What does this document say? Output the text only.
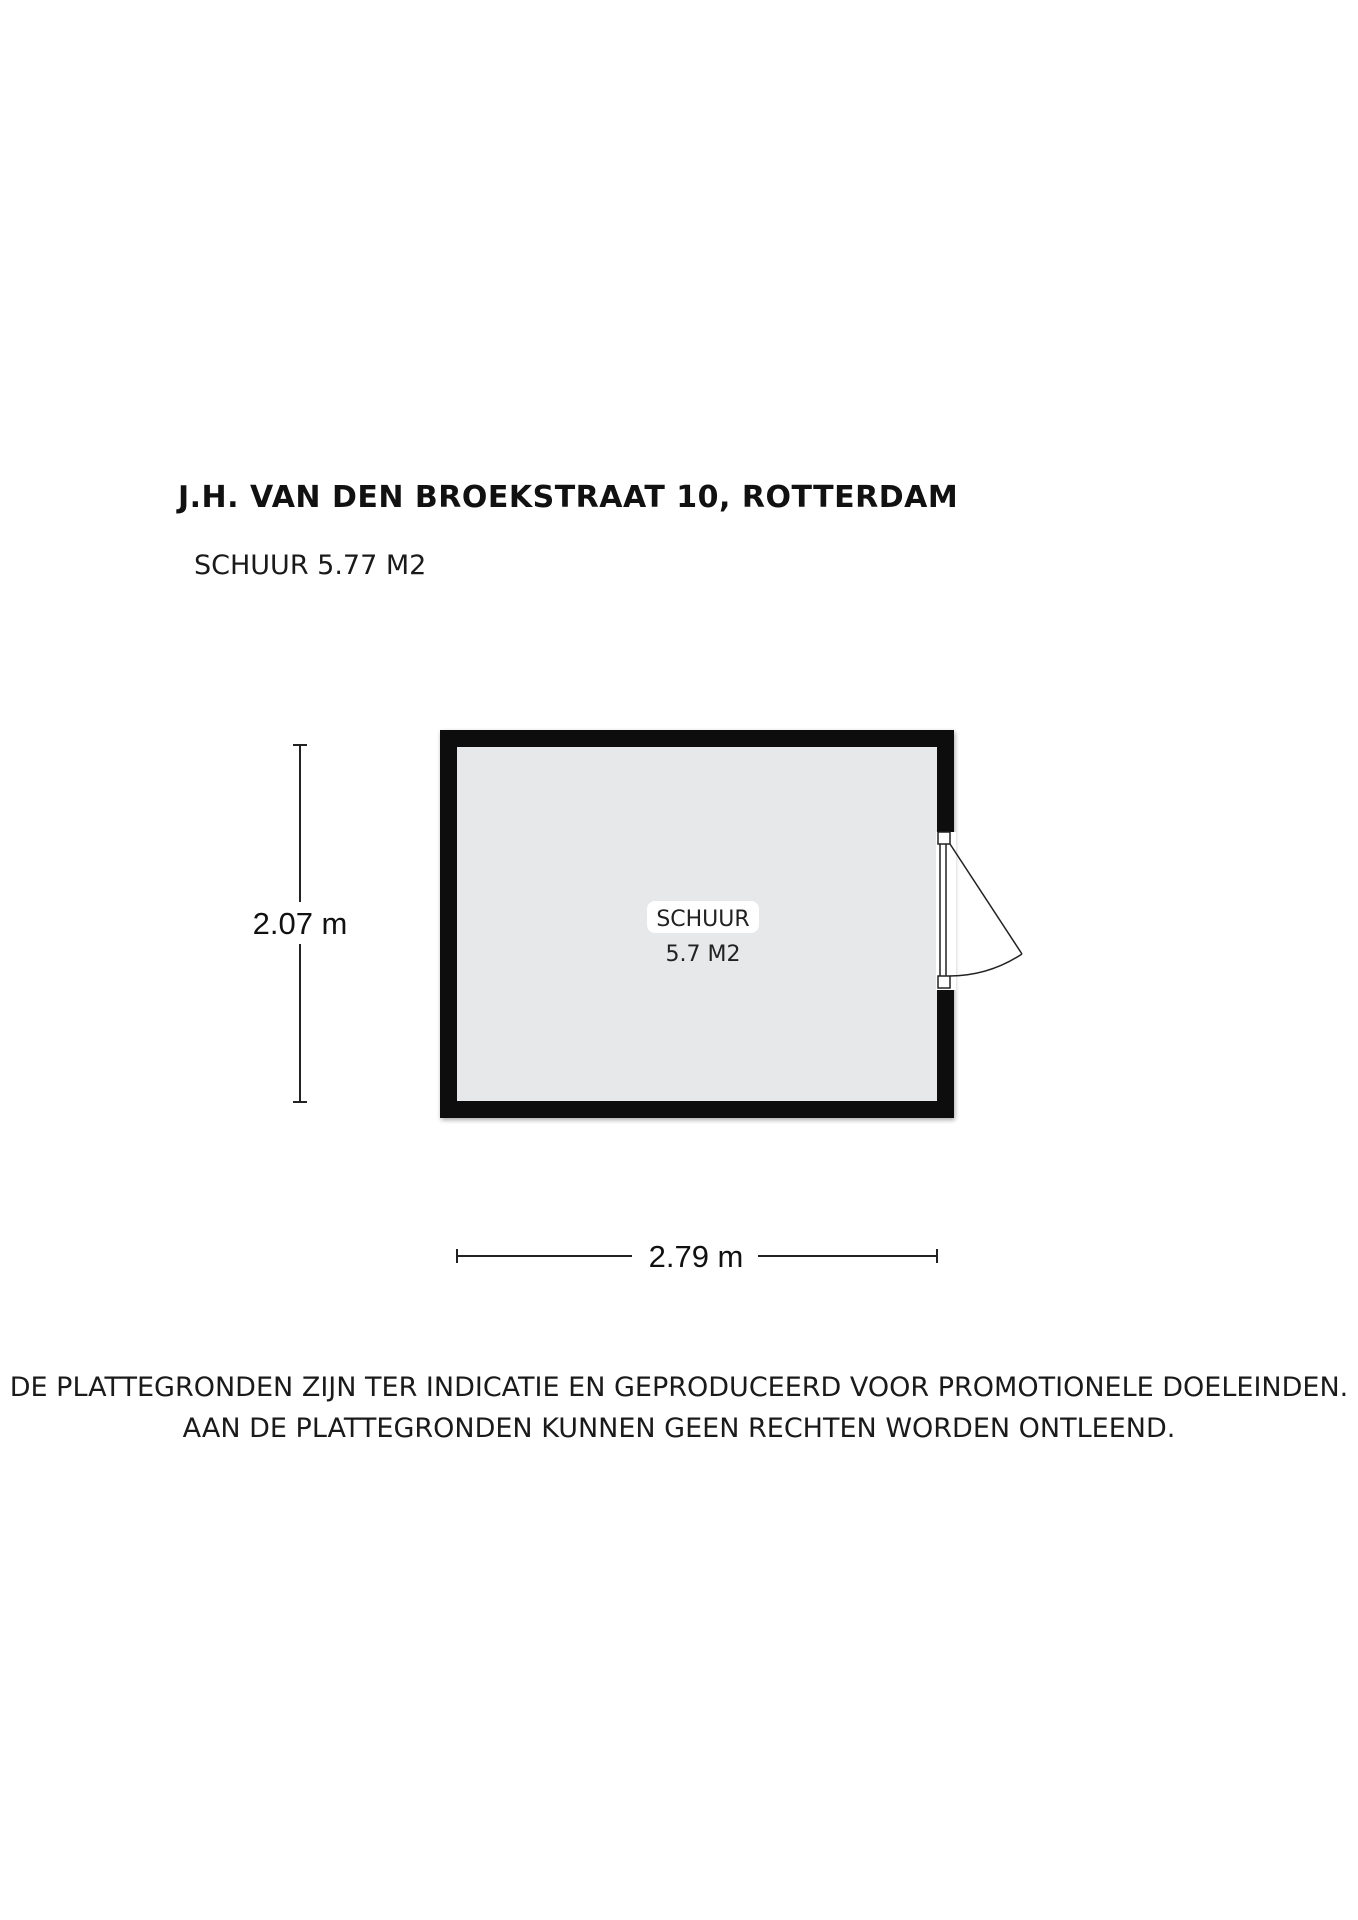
J.H. VAN DEN BROEKSTRAAT 10, ROTTERDAM

SCHUUR 5.77 M2

2.07 m	SCHUUR
5.7 M2
2.79 m

DE PLATTEGRONDEN ZIJN TER INDICATIE EN GEPRODUCEERD VOOR PROMOTIONELE DOELEINDEN.

AAN DE PLATTEGRONDEN KUNNEN GEEN RECHTEN WORDEN ONTLEEND.
